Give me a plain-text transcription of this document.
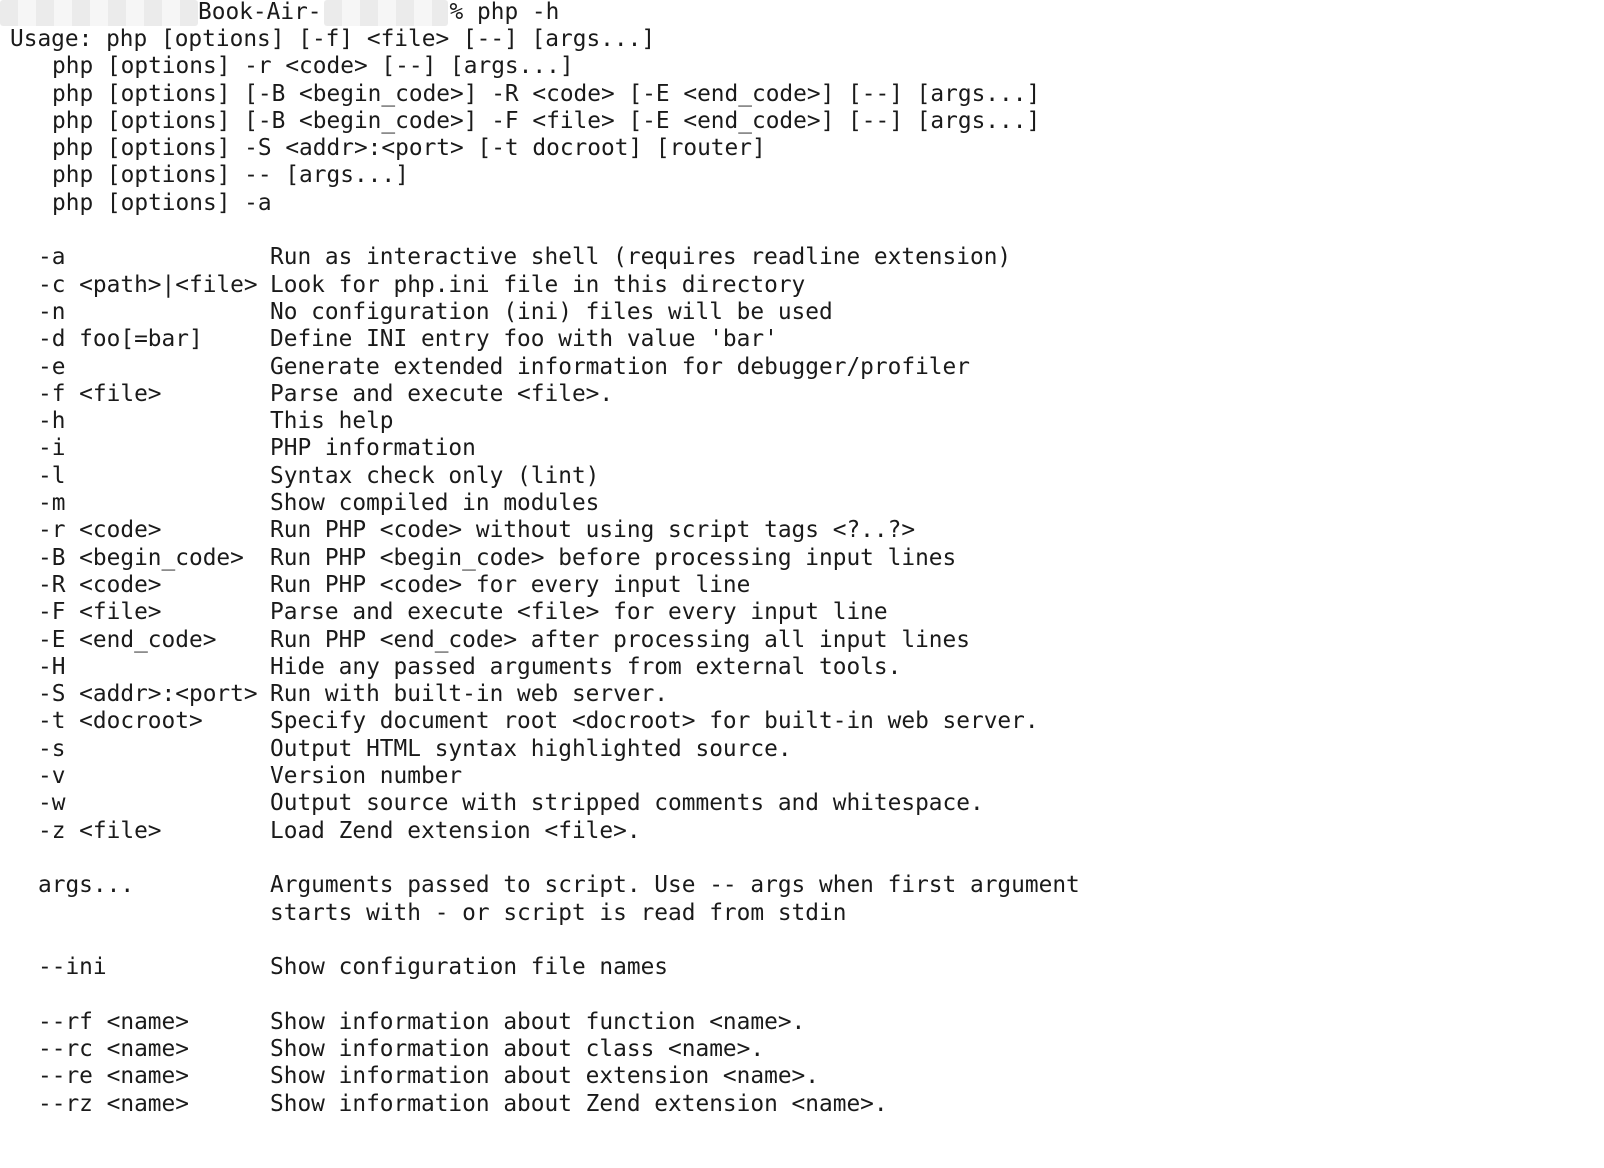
Book-Air-	% php -h
Usage: php [options] [-f] <file> [--] [args...]
php [options] -r <code> [--] [args...]
php [options] [-B <begin_code>] -R <code> [-E <end_code>] [--] [args...]
php [options] [-B <begin_code>] -F <file> [-E <end_code>] [--] [args...]
php [options] -S <addr>:<port> [-t docroot] [router]
php [options] -- [args...]
php [options] -a
-a	Run as interactive shell (requires readline extension)
-c <path>|<file> Look for php.ini file in this directory
-n	No configuration (ini) files will be used
-d foo[=bar]	Define INI entry foo with value 'bar'
-e	Generate extended information for debugger/profiler
-f <file>	Parse and execute <file>.
-h	This help
-i	PHP information
-l	Syntax check only (lint)
-m	Show compiled in modules
-r <code>	Run PHP <code> without using script tags <?..?>
-B <begin_code>	Run PHP <begin_code> before processing input lines
-R <code>	Run PHP <code> for every input line
-F <file>	Parse and execute <file> for every input line
-E <end_code>	Run PHP <end_code> after processing all input lines
-H	Hide any passed arguments from external tools.
-S <addr>:<port> Run with built-in web server.
-t <docroot>	Specify document root <docroot> for built-in web server.
-s	Output HTML syntax highlighted source.
-v	Version number
-w	Output source with stripped comments and whitespace.
-z <file>	Load Zend extension <file>.
args...	Arguments passed to script. Use -- args when first argument
starts with - or script is read from stdin
--ini	Show configuration file names
--rf <name>	Show information about function <name>.
--rc <name>	Show information about class <name>.
--re <name>	Show information about extension <name>.
--rz <name>	Show information about Zend extension <name>.
